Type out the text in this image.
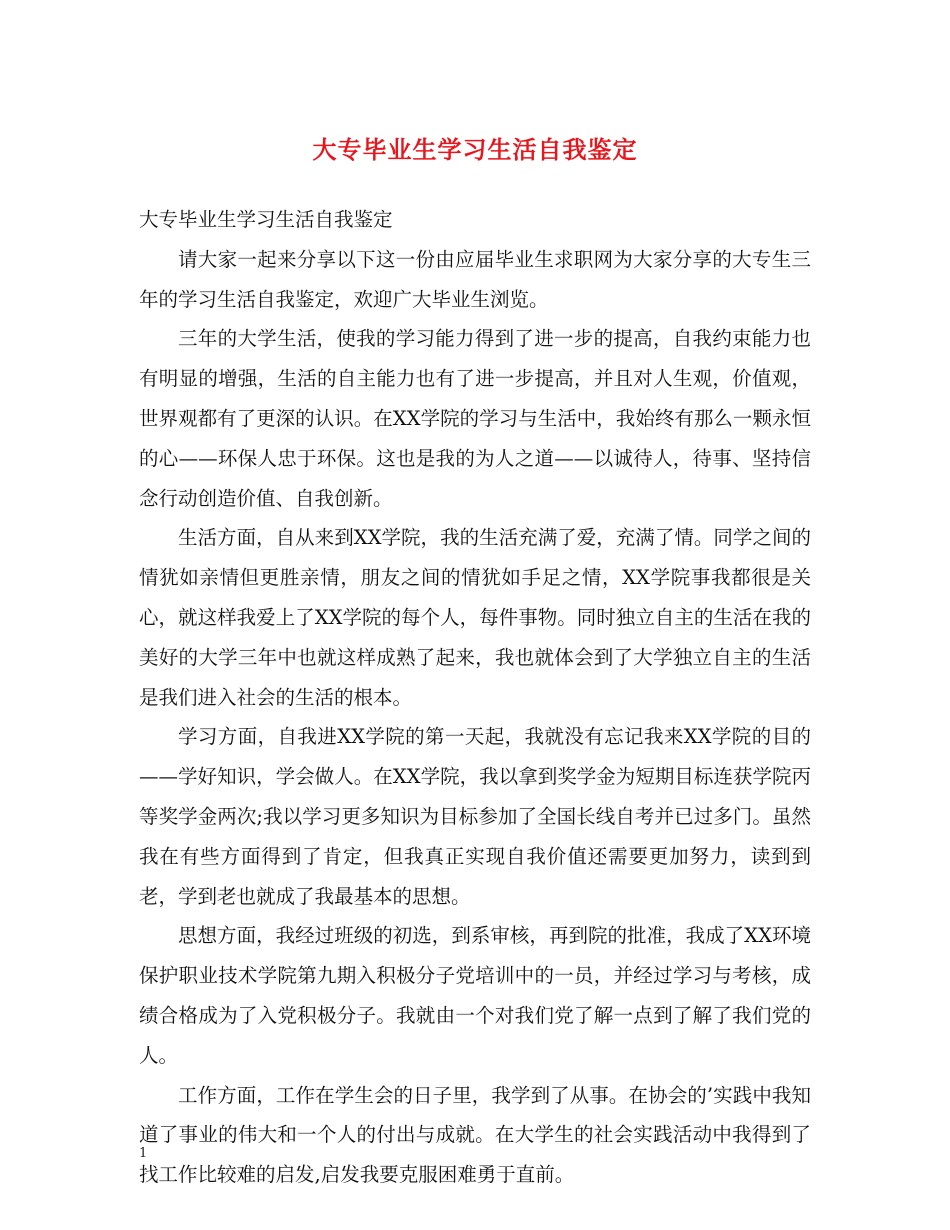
大专毕业生学习生活自我鉴定

大专毕业生学习生活自我鉴定

请大家一起来分享以下这一份由应届毕业生求职网为大家分享的大专生三年的学习生活自我鉴定，欢迎广大毕业生浏览。

三年的大学生活，使我的学习能力得到了进一步的提高，自我约束能力也有明显的增强，生活的自主能力也有了进一步提高，并且对人生观，价值观，世界观都有了更深的认识。在XX学院的学习与生活中，我始终有那么一颗永恒的心——环保人忠于环保。这也是我的为人之道——以诚待人，待事、坚持信念行动创造价值、自我创新。

生活方面，自从来到XX学院，我的生活充满了爱，充满了情。同学之间的情犹如亲情但更胜亲情，朋友之间的情犹如手足之情，XX学院事我都很是关心，就这样我爱上了XX学院的每个人，每件事物。同时独立自主的生活在我的美好的大学三年中也就这样成熟了起来，我也就体会到了大学独立自主的生活是我们进入社会的生活的根本。

学习方面，自我进XX学院的第一天起，我就没有忘记我来XX学院的目的——学好知识，学会做人。在XX学院，我以拿到奖学金为短期目标连获学院丙等奖学金两次;我以学习更多知识为目标参加了全国长线自考并已过多门。虽然我在有些方面得到了肯定，但我真正实现自我价值还需要更加努力，读到到老，学到老也就成了我最基本的思想。

思想方面，我经过班级的初选，到系审核，再到院的批准，我成了XX环境保护职业技术学院第九期入积极分子党培训中的一员，并经过学习与考核，成绩合格成为了入党积极分子。我就由一个对我们党了解一点到了解了我们党的人。

工作方面，工作在学生会的日子里，我学到了从事。在协会的’实践中我知道了事业的伟大和一个人的付出与成就。在大学生的社会实践活动中我得到了找工作比较难的启发,启发我要克服困难勇于直前。

1
